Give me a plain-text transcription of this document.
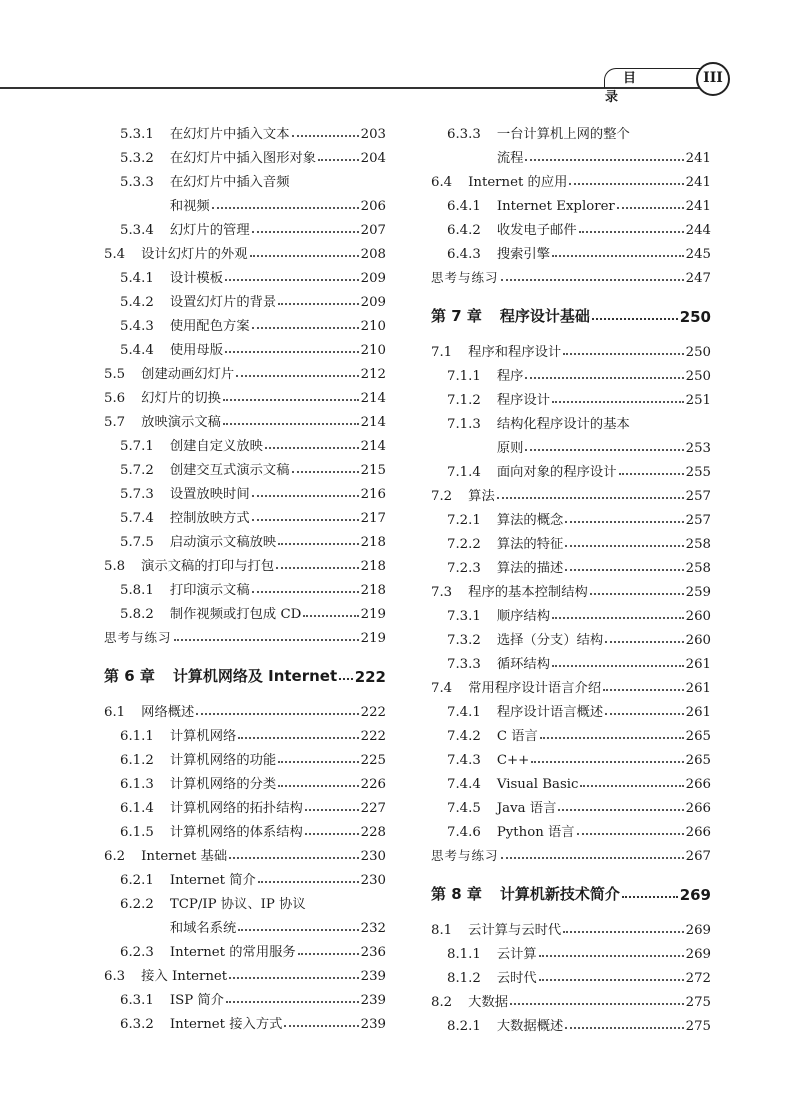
目 录
III
5.3.1	在幻灯片中插入文本	203
5.3.2	在幻灯片中插入图形对象	204
5.3.3	在幻灯片中插入音频
和视频	206
5.3.4	幻灯片的管理	207
5.4	设计幻灯片的外观	208
5.4.1	设计模板	209
5.4.2	设置幻灯片的背景	209
5.4.3	使用配色方案	210
5.4.4	使用母版	210
5.5	创建动画幻灯片	212
5.6	幻灯片的切换	214
5.7	放映演示文稿	214
5.7.1	创建自定义放映	214
5.7.2	创建交互式演示文稿	215
5.7.3	设置放映时间	216
5.7.4	控制放映方式	217
5.7.5	启动演示文稿放映	218
5.8	演示文稿的打印与打包	218
5.8.1	打印演示文稿	218
5.8.2	制作视频或打包成 CD	219
思考与练习	219
第 6 章	计算机网络及 Internet 222
6.1	网络概述	222
6.1.1	计算机网络	222
6.1.2	计算机网络的功能	225
6.1.3	计算机网络的分类	226
6.1.4	计算机网络的拓扑结构	227
6.1.5	计算机网络的体系结构	228
6.2	Internet 基础	230
6.2.1	Internet 简介	230
6.2.2	TCP/IP 协议、IP 协议
和域名系统	232
6.2.3	Internet 的常用服务	236
6.3	接入 Internet	239
6.3.1	ISP 简介	239
6.3.2	Internet 接入方式	239
6.3.3	一台计算机上网的整个
流程	241
6.4	Internet 的应用	241
6.4.1	Internet Explorer	241
6.4.2	收发电子邮件	244
6.4.3	搜索引擎	245
思考与练习	247
第 7 章	程序设计基础	250
7.1	程序和程序设计	250
7.1.1	程序	250
7.1.2	程序设计	251
7.1.3	结构化程序设计的基本
原则	253
7.1.4	面向对象的程序设计	255
7.2	算法	257
7.2.1	算法的概念	257
7.2.2	算法的特征	258
7.2.3	算法的描述	258
7.3	程序的基本控制结构	259
7.3.1	顺序结构	260
7.3.2	选择（分支）结构	260
7.3.3	循环结构	261
7.4	常用程序设计语言介绍	261
7.4.1	程序设计语言概述	261
7.4.2	C 语言	265
7.4.3	C++	265
7.4.4	Visual Basic	266
7.4.5	Java 语言	266
7.4.6	Python 语言	266
思考与练习	267
第 8 章	计算机新技术简介	269
8.1	云计算与云时代	269
8.1.1	云计算	269
8.1.2	云时代	272
8.2	大数据	275
8.2.1	大数据概述	275
